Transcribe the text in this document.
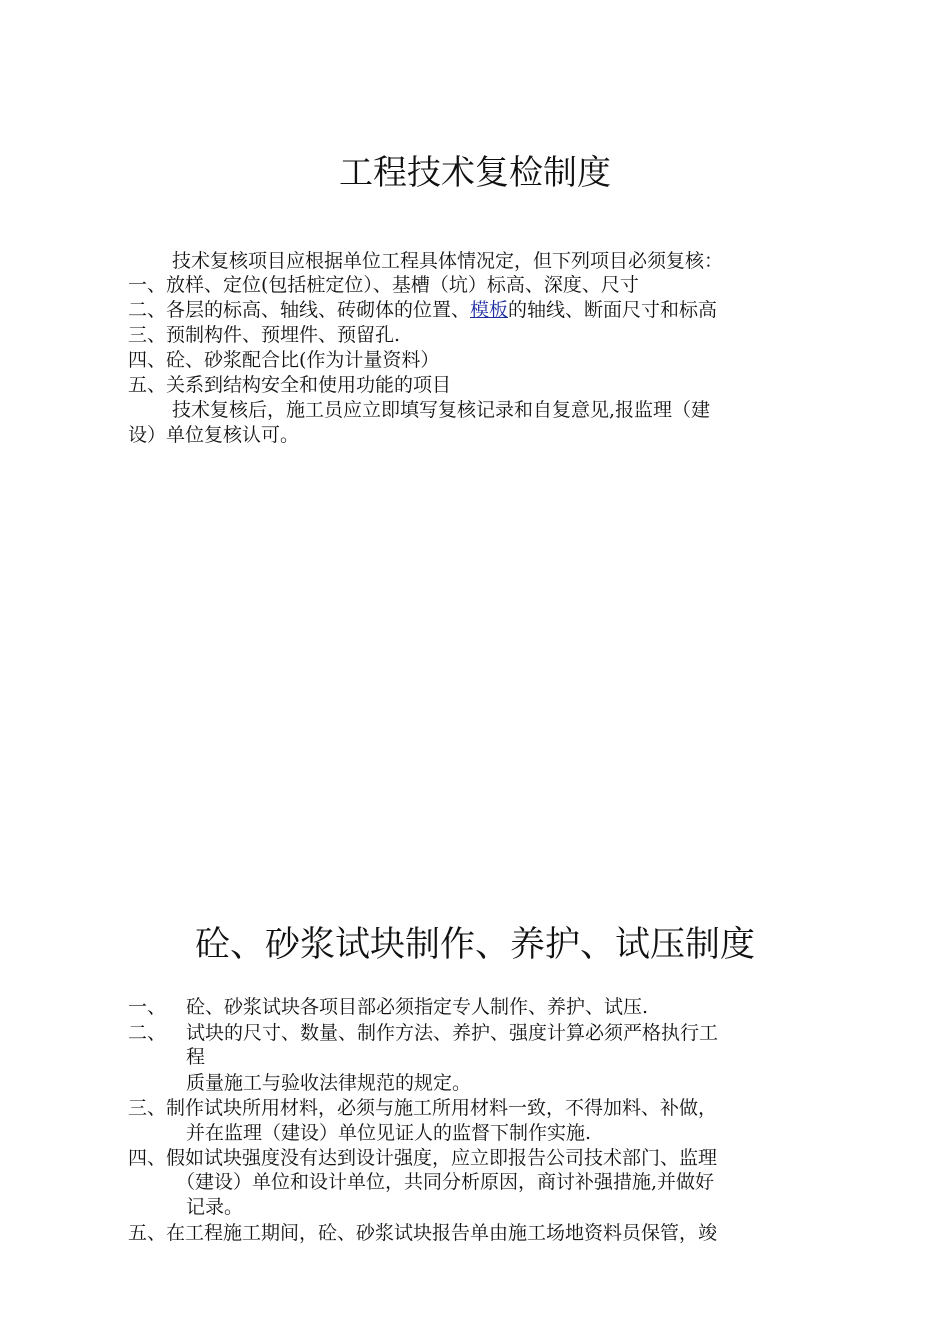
工程技术复检制度
技术复核项目应根据单位工程具体情况定，但下列项目必须复核：
一、放样、定位(包括桩定位）、基槽（坑）标高、深度、尺寸
二、各层的标高、轴线、砖砌体的位置、模板的轴线、断面尺寸和标高
三、预制构件、预埋件、预留孔.
四、砼、砂浆配合比(作为计量资料）
五、关系到结构安全和使用功能的项目
技术复核后，施工员应立即填写复核记录和自复意见,报监理（建
设）单位复核认可。
砼、砂浆试块制作、养护、试压制度
一、 砼、砂浆试块各项目部必须指定专人制作、养护、试压.
二、 试块的尺寸、数量、制作方法、养护、强度计算必须严格执行工
程
质量施工与验收法律规范的规定。
三、制作试块所用材料，必须与施工所用材料一致，不得加料、补做，
并在监理（建设）单位见证人的监督下制作实施.
四、假如试块强度没有达到设计强度，应立即报告公司技术部门、监理
（建设）单位和设计单位，共同分析原因，商讨补强措施,并做好
记录。
五、在工程施工期间，砼、砂浆试块报告单由施工场地资料员保管，竣
